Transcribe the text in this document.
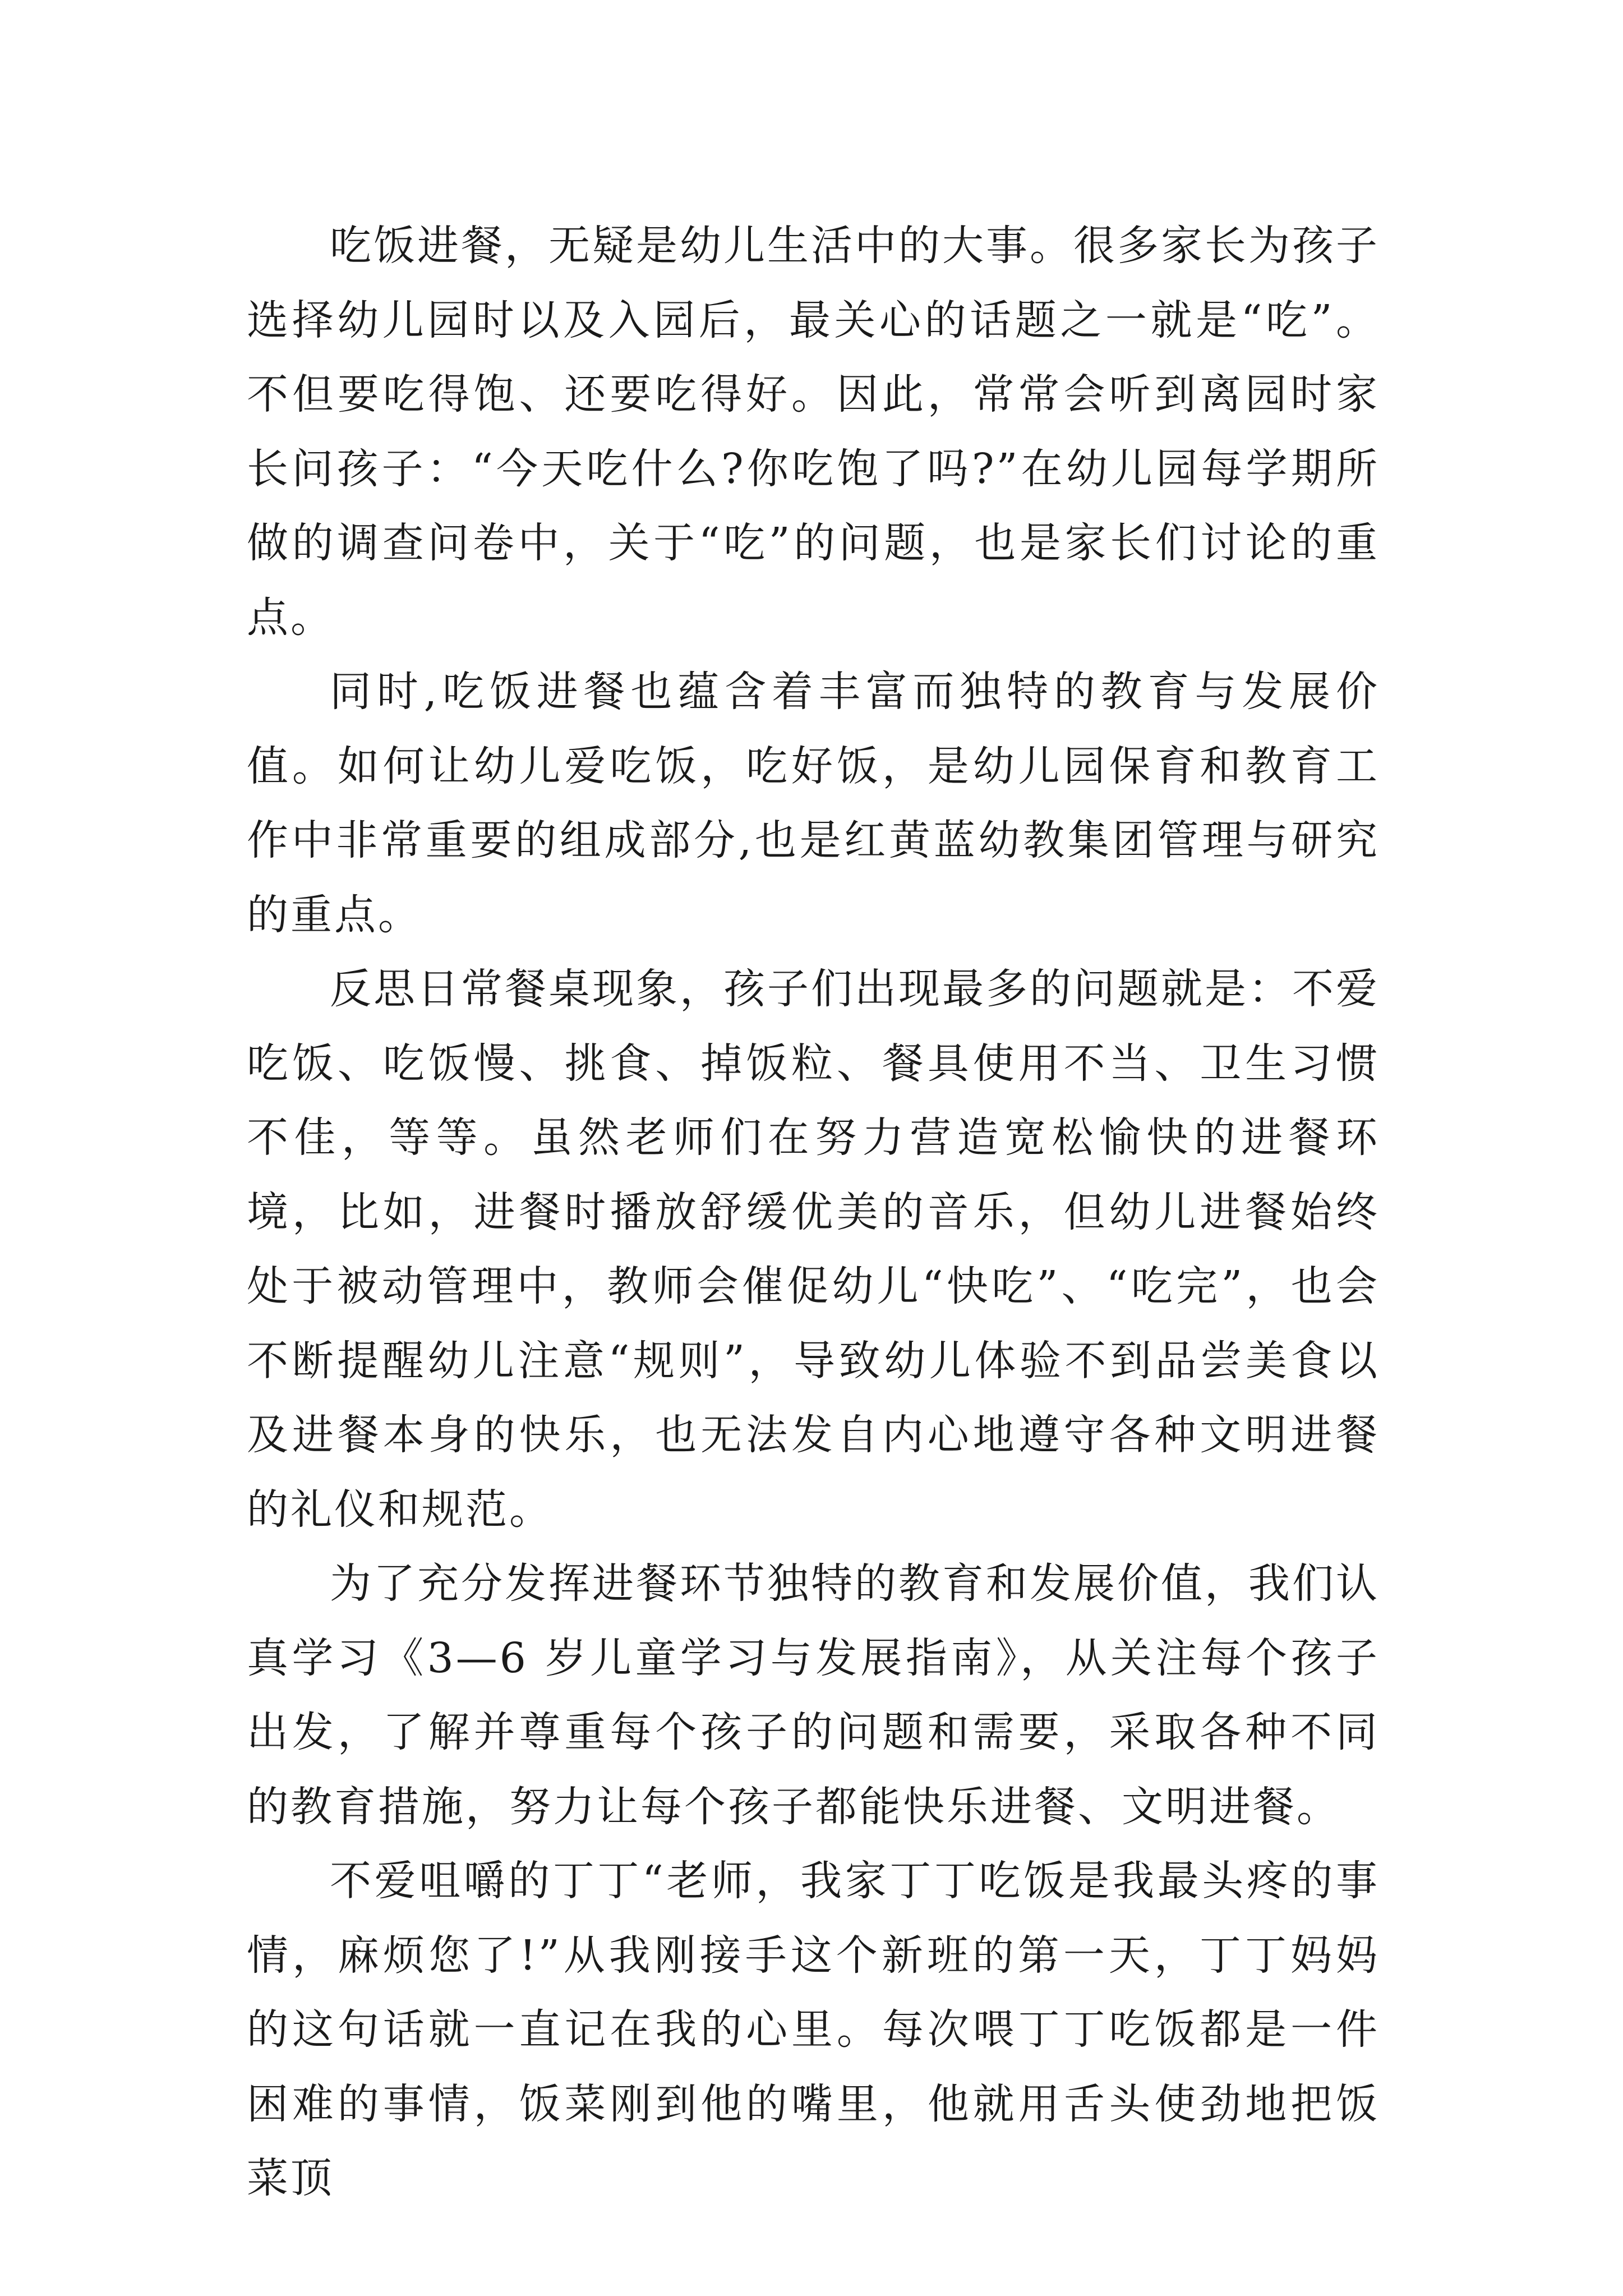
吃饭进餐，无疑是幼儿生活中的大事。很多家长为孩子选择幼儿园时以及入园后，最关心的话题之一就是“吃”。不但要吃得饱、还要吃得好。因此，常常会听到离园时家长问孩子：“今天吃什么?你吃饱了吗?”在幼儿园每学期所做的调查问卷中，关于“吃”的问题，也是家长们讨论的重点。

同时,吃饭进餐也蕴含着丰富而独特的教育与发展价值。如何让幼儿爱吃饭，吃好饭，是幼儿园保育和教育工作中非常重要的组成部分,也是红黄蓝幼教集团管理与研究的重点。

反思日常餐桌现象，孩子们出现最多的问题就是：不爱吃饭、吃饭慢、挑食、掉饭粒、餐具使用不当、卫生习惯不佳，等等。虽然老师们在努力营造宽松愉快的进餐环境，比如，进餐时播放舒缓优美的音乐，但幼儿进餐始终处于被动管理中，教师会催促幼儿“快吃”、“吃完”，也会不断提醒幼儿注意“规则”，导致幼儿体验不到品尝美食以及进餐本身的快乐，也无法发自内心地遵守各种文明进餐的礼仪和规范。

为了充分发挥进餐环节独特的教育和发展价值，我们认真学习《3—6 岁儿童学习与发展指南》，从关注每个孩子出发，了解并尊重每个孩子的问题和需要，采取各种不同的教育措施，努力让每个孩子都能快乐进餐、文明进餐。

不爱咀嚼的丁丁“老师，我家丁丁吃饭是我最头疼的事情，麻烦您了!”从我刚接手这个新班的第一天，丁丁妈妈的这句话就一直记在我的心里。每次喂丁丁吃饭都是一件困难的事情，饭菜刚到他的嘴里，他就用舌头使劲地把饭菜顶
